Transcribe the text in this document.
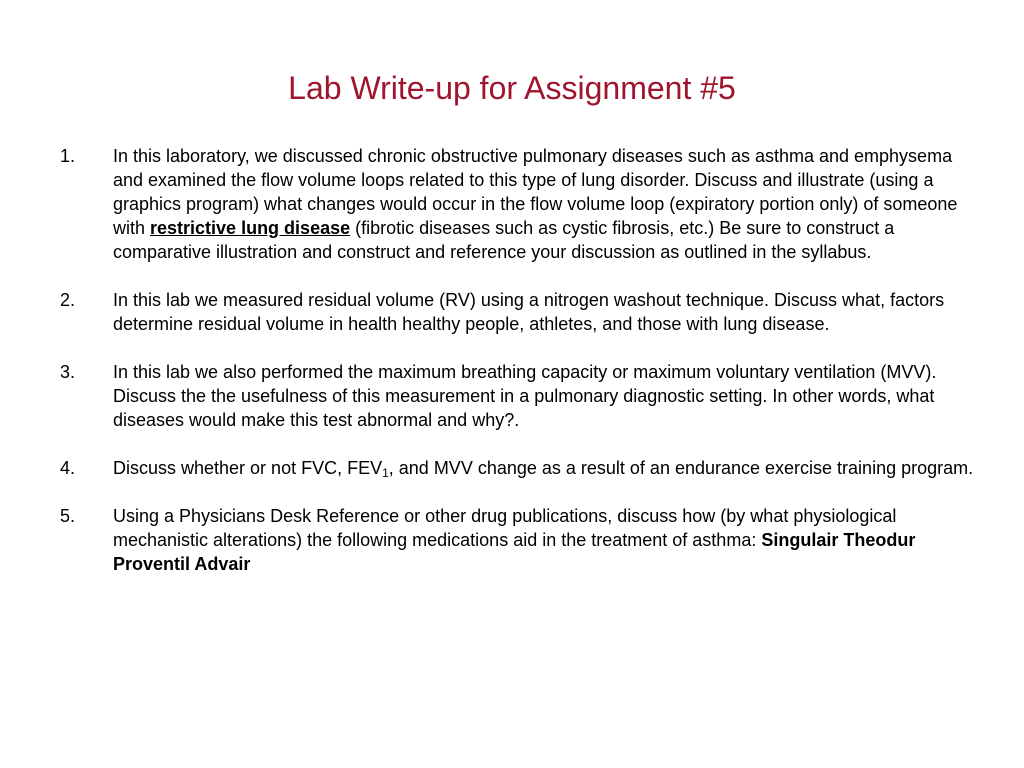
Lab Write-up for Assignment #5
1.	In this laboratory, we discussed chronic obstructive pulmonary diseases such as asthma and emphysema and examined the flow volume loops related to this type of lung disorder. Discuss and illustrate (using a graphics program) what changes would occur in the flow volume loop (expiratory portion only) of someone with restrictive lung disease (fibrotic diseases such as cystic fibrosis, etc.) Be sure to construct a comparative illustration and construct and reference your discussion as outlined in the syllabus.
2.	In this lab we measured residual volume (RV) using a nitrogen washout technique. Discuss what, factors determine residual volume in health healthy people, athletes, and those with lung disease.
3.	In this lab we also performed the maximum breathing capacity or maximum voluntary ventilation (MVV). Discuss the the usefulness of this measurement in a pulmonary diagnostic setting. In other words, what diseases would make this test abnormal and why?.
4.	Discuss whether or not FVC, $FEV_1$, and MVV change as a result of an endurance exercise training program.
5.	Using a Physicians Desk Reference or other drug publications, discuss how (by what physiological mechanistic alterations) the following medications aid in the treatment of asthma: Singulair Theodur Proventil Advair
